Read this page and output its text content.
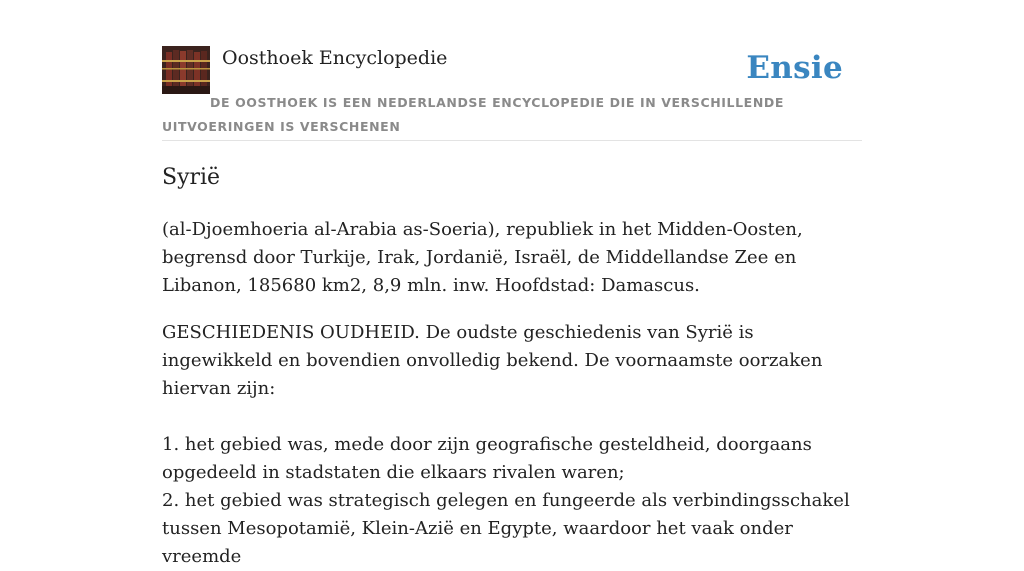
Oosthoek Encyclopedie	Ensie
DE OOSTHOEK IS EEN NEDERLANDSE ENCYCLOPEDIE DIE IN VERSCHILLENDE UITVOERINGEN IS VERSCHENEN
Syrië

(al-Djoemhoeria al-Arabia as-Soeria), republiek in het Midden-Oosten, begrensd door Turkije, Irak, Jordanië, Israël, de Middellandse Zee en Libanon, 185680 km2, 8,9 mln. inw. Hoofdstad: Damascus.

GESCHIEDENIS OUDHEID. De oudste geschiedenis van Syrië is ingewikkeld en bovendien onvolledig bekend. De voornaamste oorzaken hiervan zijn:

1. het gebied was, mede door zijn geografische gesteldheid, doorgaans opgedeeld in stadstaten die elkaars rivalen waren;

2. het gebied was strategisch gelegen en fungeerde als verbindingsschakel tussen Mesopotamië, Klein-Azië en Egypte, waardoor het vaak onder vreemde
